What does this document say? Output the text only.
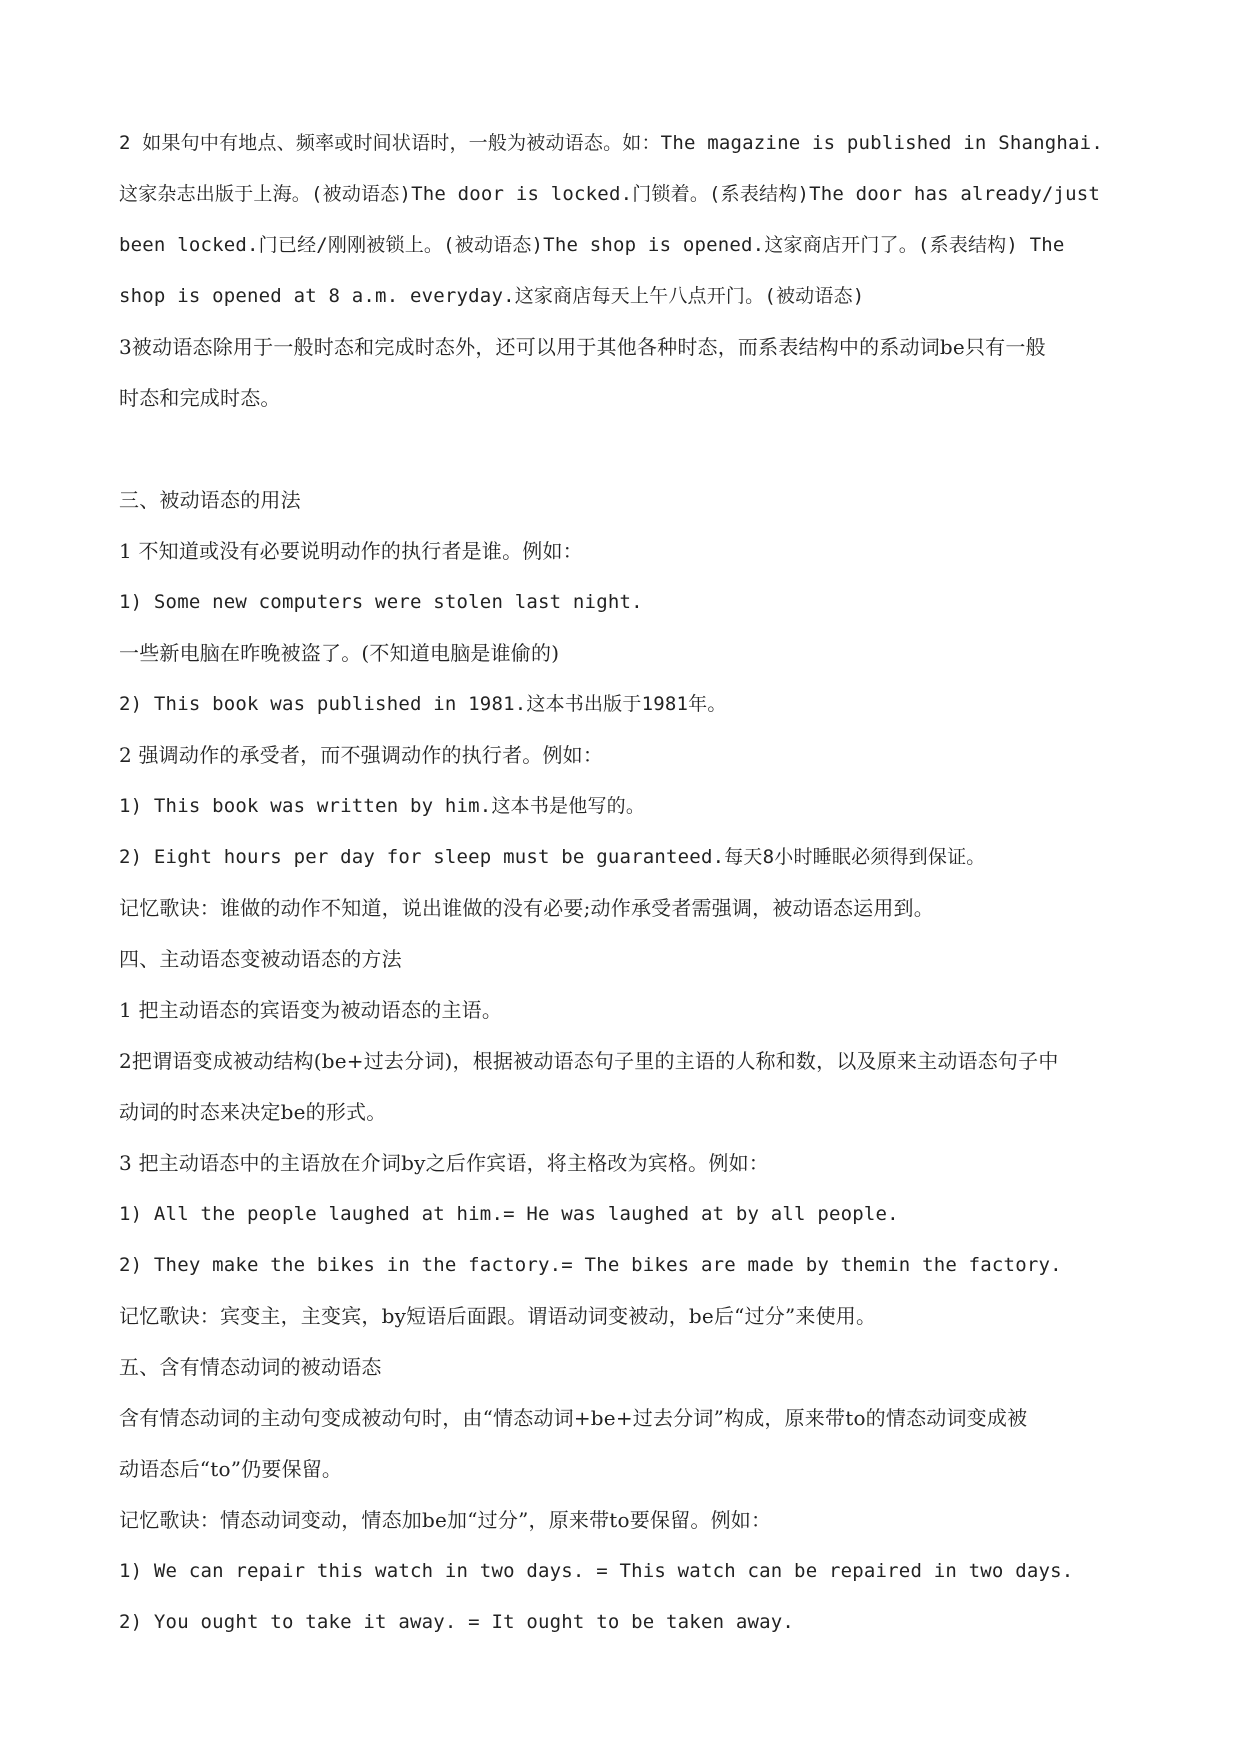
2 如果句中有地点、频率或时间状语时，一般为被动语态。如：The magazine is published in Shanghai.
这家杂志出版于上海。(被动语态)The door is locked.门锁着。(系表结构)The door has already/just
been locked.门已经/刚刚被锁上。(被动语态)The shop is opened.这家商店开门了。(系表结构) The
shop is opened at 8 a.m. everyday.这家商店每天上午八点开门。(被动语态)
3被动语态除用于一般时态和完成时态外，还可以用于其他各种时态，而系表结构中的系动词be只有一般
时态和完成时态。
三、被动语态的用法
1 不知道或没有必要说明动作的执行者是谁。例如：
1) Some new computers were stolen last night.
一些新电脑在昨晚被盗了。(不知道电脑是谁偷的)
2) This book was published in 1981.这本书出版于1981年。
2 强调动作的承受者，而不强调动作的执行者。例如：
1) This book was written by him.这本书是他写的。
2) Eight hours per day for sleep must be guaranteed.每天8小时睡眠必须得到保证。
记忆歌诀：谁做的动作不知道，说出谁做的没有必要;动作承受者需强调，被动语态运用到。
四、主动语态变被动语态的方法
1 把主动语态的宾语变为被动语态的主语。
2把谓语变成被动结构(be+过去分词)，根据被动语态句子里的主语的人称和数，以及原来主动语态句子中
动词的时态来决定be的形式。
3 把主动语态中的主语放在介词by之后作宾语，将主格改为宾格。例如：
1) All the people laughed at him.= He was laughed at by all people.
2) They make the bikes in the factory.= The bikes are made by themin the factory.
记忆歌诀：宾变主，主变宾，by短语后面跟。谓语动词变被动，be后“过分”来使用。
五、含有情态动词的被动语态
含有情态动词的主动句变成被动句时，由“情态动词+be+过去分词”构成，原来带to的情态动词变成被
动语态后“to”仍要保留。
记忆歌诀：情态动词变动，情态加be加“过分”，原来带to要保留。例如：
1) We can repair this watch in two days. = This watch can be repaired in two days.
2) You ought to take it away. = It ought to be taken away.
